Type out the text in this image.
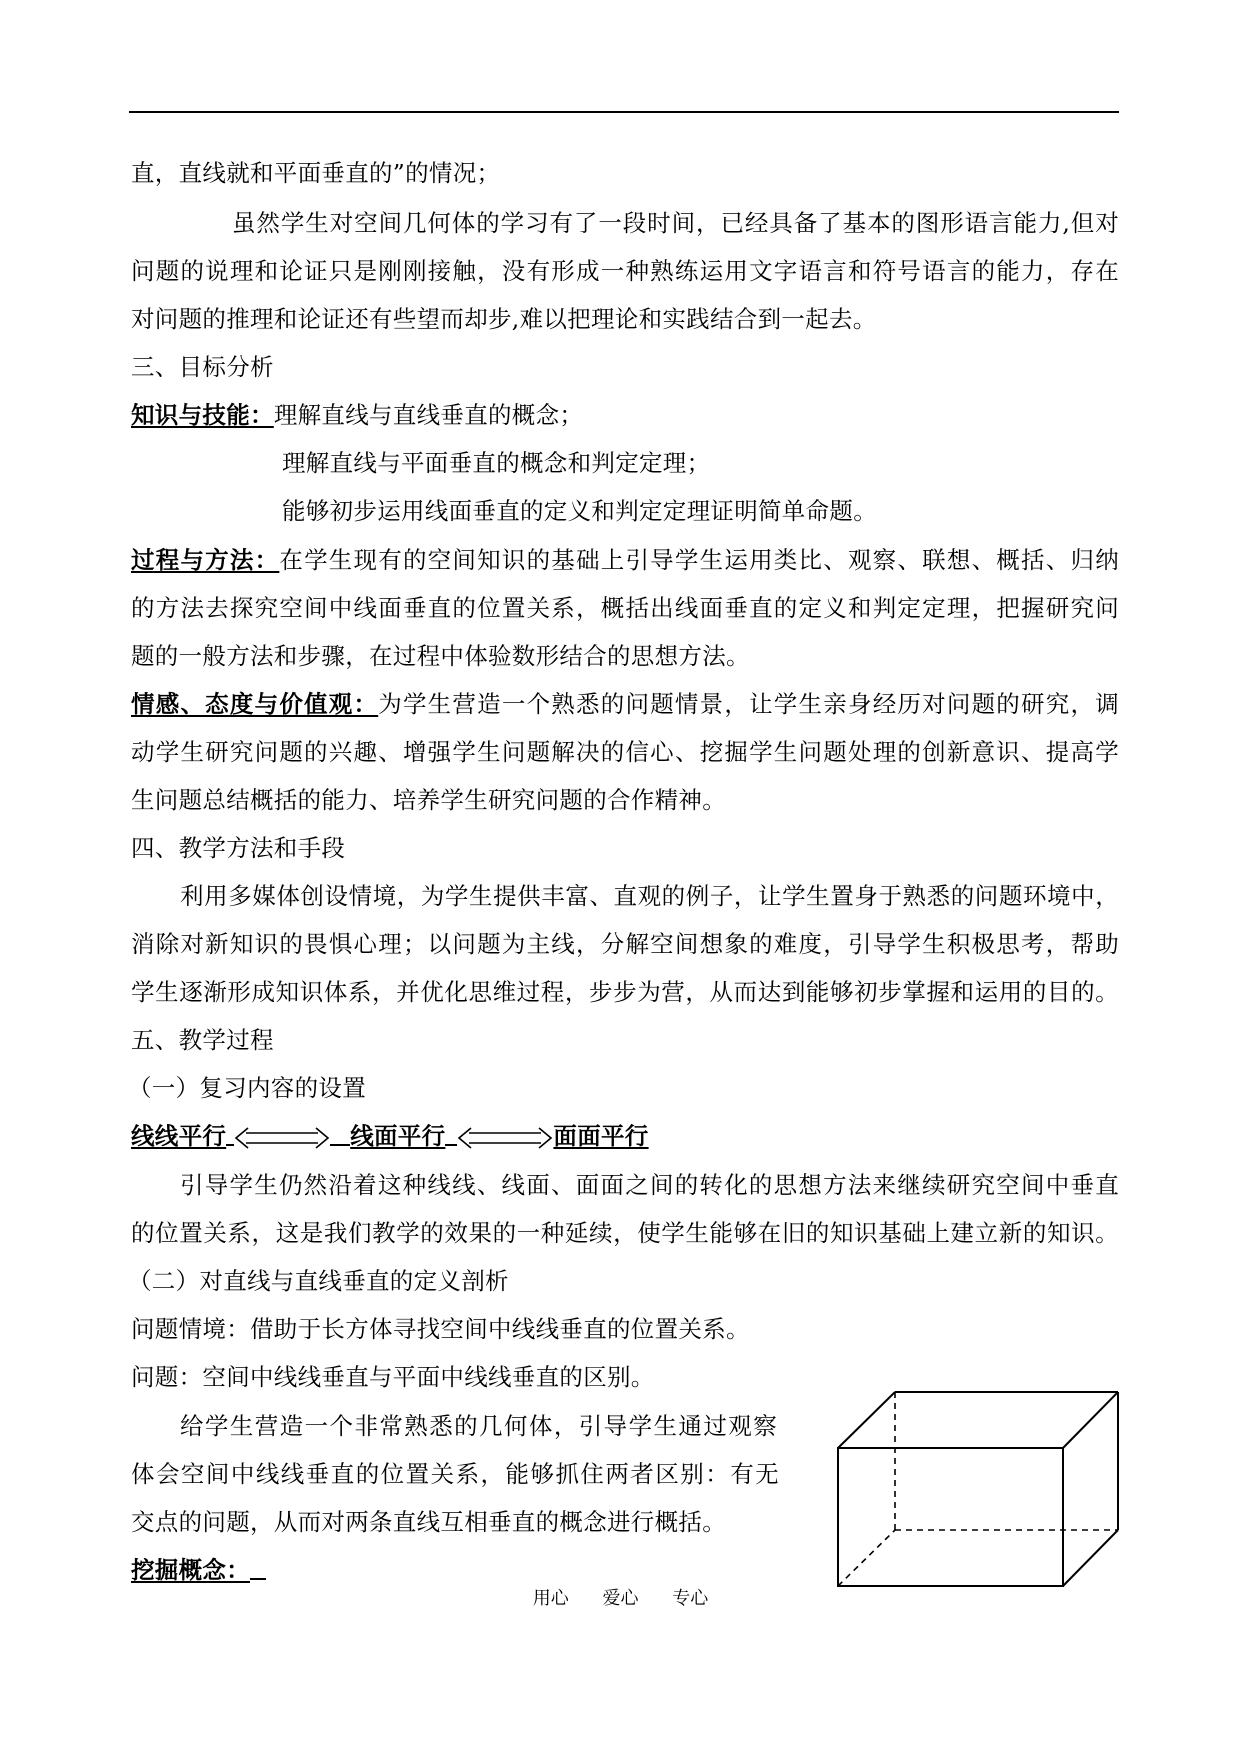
直，直线就和平面垂直的”的情况；
虽然学生对空间几何体的学习有了一段时间，已经具备了基本的图形语言能力,但对
问题的说理和论证只是刚刚接触，没有形成一种熟练运用文字语言和符号语言的能力，存在
对问题的推理和论证还有些望而却步,难以把理论和实践结合到一起去。
三、目标分析
知识与技能：理解直线与直线垂直的概念；
理解直线与平面垂直的概念和判定定理；
能够初步运用线面垂直的定义和判定定理证明简单命题。
过程与方法：在学生现有的空间知识的基础上引导学生运用类比、观察、联想、概括、归纳
的方法去探究空间中线面垂直的位置关系，概括出线面垂直的定义和判定定理，把握研究问
题的一般方法和步骤，在过程中体验数形结合的思想方法。
情感、态度与价值观：为学生营造一个熟悉的问题情景，让学生亲身经历对问题的研究，调
动学生研究问题的兴趣、增强学生问题解决的信心、挖掘学生问题处理的创新意识、提高学
生问题总结概括的能力、培养学生研究问题的合作精神。
四、教学方法和手段
利用多媒体创设情境，为学生提供丰富、直观的例子，让学生置身于熟悉的问题环境中，
消除对新知识的畏惧心理；以问题为主线，分解空间想象的难度，引导学生积极思考，帮助
学生逐渐形成知识体系，并优化思维过程，步步为营，从而达到能够初步掌握和运用的目的。
五、教学过程
（一）复习内容的设置
线线平行	线面平行	面面平行
引导学生仍然沿着这种线线、线面、面面之间的转化的思想方法来继续研究空间中垂直
的位置关系，这是我们教学的效果的一种延续，使学生能够在旧的知识基础上建立新的知识。
（二）对直线与直线垂直的定义剖析
问题情境：借助于长方体寻找空间中线线垂直的位置关系。
问题：空间中线线垂直与平面中线线垂直的区别。
给学生营造一个非常熟悉的几何体，引导学生通过观察
体会空间中线线垂直的位置关系，能够抓住两者区别：有无
交点的问题，从而对两条直线互相垂直的概念进行概括。
挖掘概念：
用心 爱心 专心
